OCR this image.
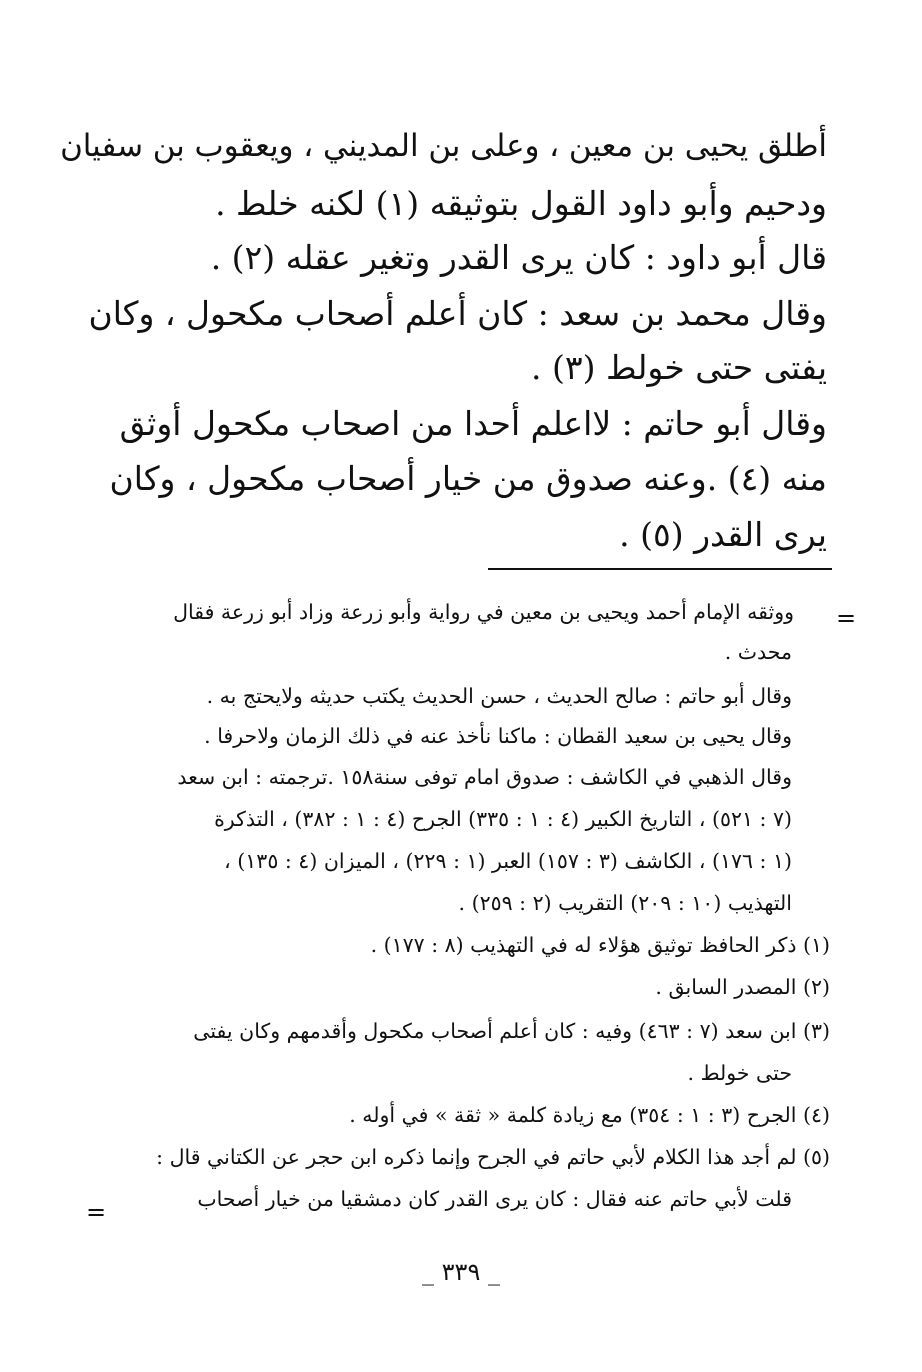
أطلق يحيى بن معين ، وعلى بن المديني ، ويعقوب بن سفيان
ودحيم وأبو داود القول بتوثيقه (١) لكنه خلط .
قال أبو داود : كان يرى القدر وتغير عقله (٢) .
وقال محمد بن سعد : كان أعلم أصحاب مكحول ، وكان
يفتى حتى خولط (٣) .
وقال أبو حاتم : لااعلم أحدا من اصحاب مكحول أوثق
منه (٤) .وعنه صدوق من خيار أصحاب مكحول ، وكان
يرى القدر (٥) .
=
=
ووثقه الإمام أحمد ويحيى بن معين في رواية وأبو زرعة وزاد أبو زرعة فقال
محدث .
وقال أبو حاتم : صالح الحديث ، حسن الحديث يكتب حديثه ولايحتج به .
وقال يحيى بن سعيد القطان : ماكنا نأخذ عنه في ذلك الزمان ولاحرفا .
وقال الذهبي في الكاشف : صدوق امام توفى سنة١٥٨ .ترجمته : ابن سعد
(٧ : ٥٢١) ، التاريخ الكبير (٤ : ١ : ٣٣٥) الجرح (٤ : ١ : ٣٨٢) ، التذكرة
(١ : ١٧٦) ، الكاشف (٣ : ١٥٧) العبر (١ : ٢٢٩) ، الميزان (٤ : ١٣٥) ،
التهذيب (١٠ : ٢٠٩) التقريب (٢ : ٢٥٩) .
(١) ذكر الحافظ توثيق هؤلاء له في التهذيب (٨ : ١٧٧) .
(٢) المصدر السابق .
(٣) ابن سعد (٧ : ٤٦٣) وفيه : كان أعلم أصحاب مكحول وأقدمهم وكان يفتى
حتى خولط .
(٤) الجرح (٣ : ١ : ٣٥٤) مع زيادة كلمة « ثقة » في أوله .
(٥) لم أجد هذا الكلام لأبي حاتم في الجرح وإنما ذكره ابن حجر عن الكتاني قال :
قلت لأبي حاتم عنه فقال : كان يرى القدر كان دمشقيا من خيار أصحاب
_ ٣٣٩ _
